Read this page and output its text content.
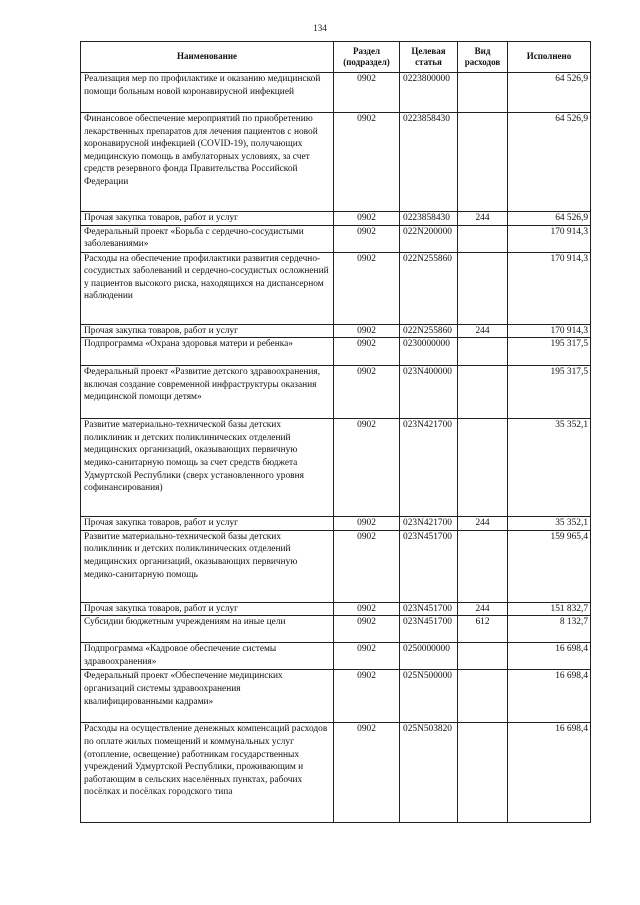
134
Наименование	Раздел (подраздел)	Целевая статья	Вид расходов	Исполнено
Реализация мер по профилактике и оказанию медицинской помощи больным новой коронавирусной инфекцией	0902	0223800000		64 526,9
Финансовое обеспечение мероприятий по приобретению лекарственных препаратов для лечения пациентов с новой коронавирусной инфекцией (COVID-19), получающих медицинскую помощь в амбулаторных условиях, за счет средств резервного фонда Правительства Российской Федерации	0902	0223858430		64 526,9
Прочая закупка товаров, работ и услуг	0902	0223858430	244	64 526,9
Федеральный проект «Борьба с сердечно-сосудистыми заболеваниями»	0902	022N200000		170 914,3
Расходы на обеспечение профилактики развития сердечно-сосудистых заболеваний и сердечно-сосудистых осложнений у пациентов высокого риска, находящихся на диспансерном наблюдении	0902	022N255860		170 914,3
Прочая закупка товаров, работ и услуг	0902	022N255860	244	170 914,3
Подпрограмма «Охрана здоровья матери и ребенка»	0902	0230000000		195 317,5
Федеральный проект «Развитие детского здравоохранения, включая создание современной инфраструктуры оказания медицинской помощи детям»	0902	023N400000		195 317,5
Развитие материально-технической базы детских поликлиник и детских поликлинических отделений медицинских организаций, оказывающих первичную медико-санитарную помощь за счет средств бюджета Удмуртской Республики (сверх установленного уровня софинансирования)	0902	023N421700		35 352,1
Прочая закупка товаров, работ и услуг	0902	023N421700	244	35 352,1
Развитие материально-технической базы детских поликлиник и детских поликлинических отделений медицинских организаций, оказывающих первичную медико-санитарную помощь	0902	023N451700		159 965,4
Прочая закупка товаров, работ и услуг	0902	023N451700	244	151 832,7
Субсидии бюджетным учреждениям на иные цели	0902	023N451700	612	8 132,7
Подпрограмма «Кадровое обеспечение системы здравоохранения»	0902	0250000000		16 698,4
Федеральный проект «Обеспечение медицинских организаций системы здравоохранения квалифицированными кадрами»	0902	025N500000		16 698,4
Расходы на осуществление денежных компенсаций расходов по оплате жилых помещений и коммунальных услуг (отопление, освещение) работникам государственных учреждений Удмуртской Республики, проживающим и работающим в сельских населённых пунктах, рабочих посёлках и посёлках городского типа	0902	025N503820		16 698,4
